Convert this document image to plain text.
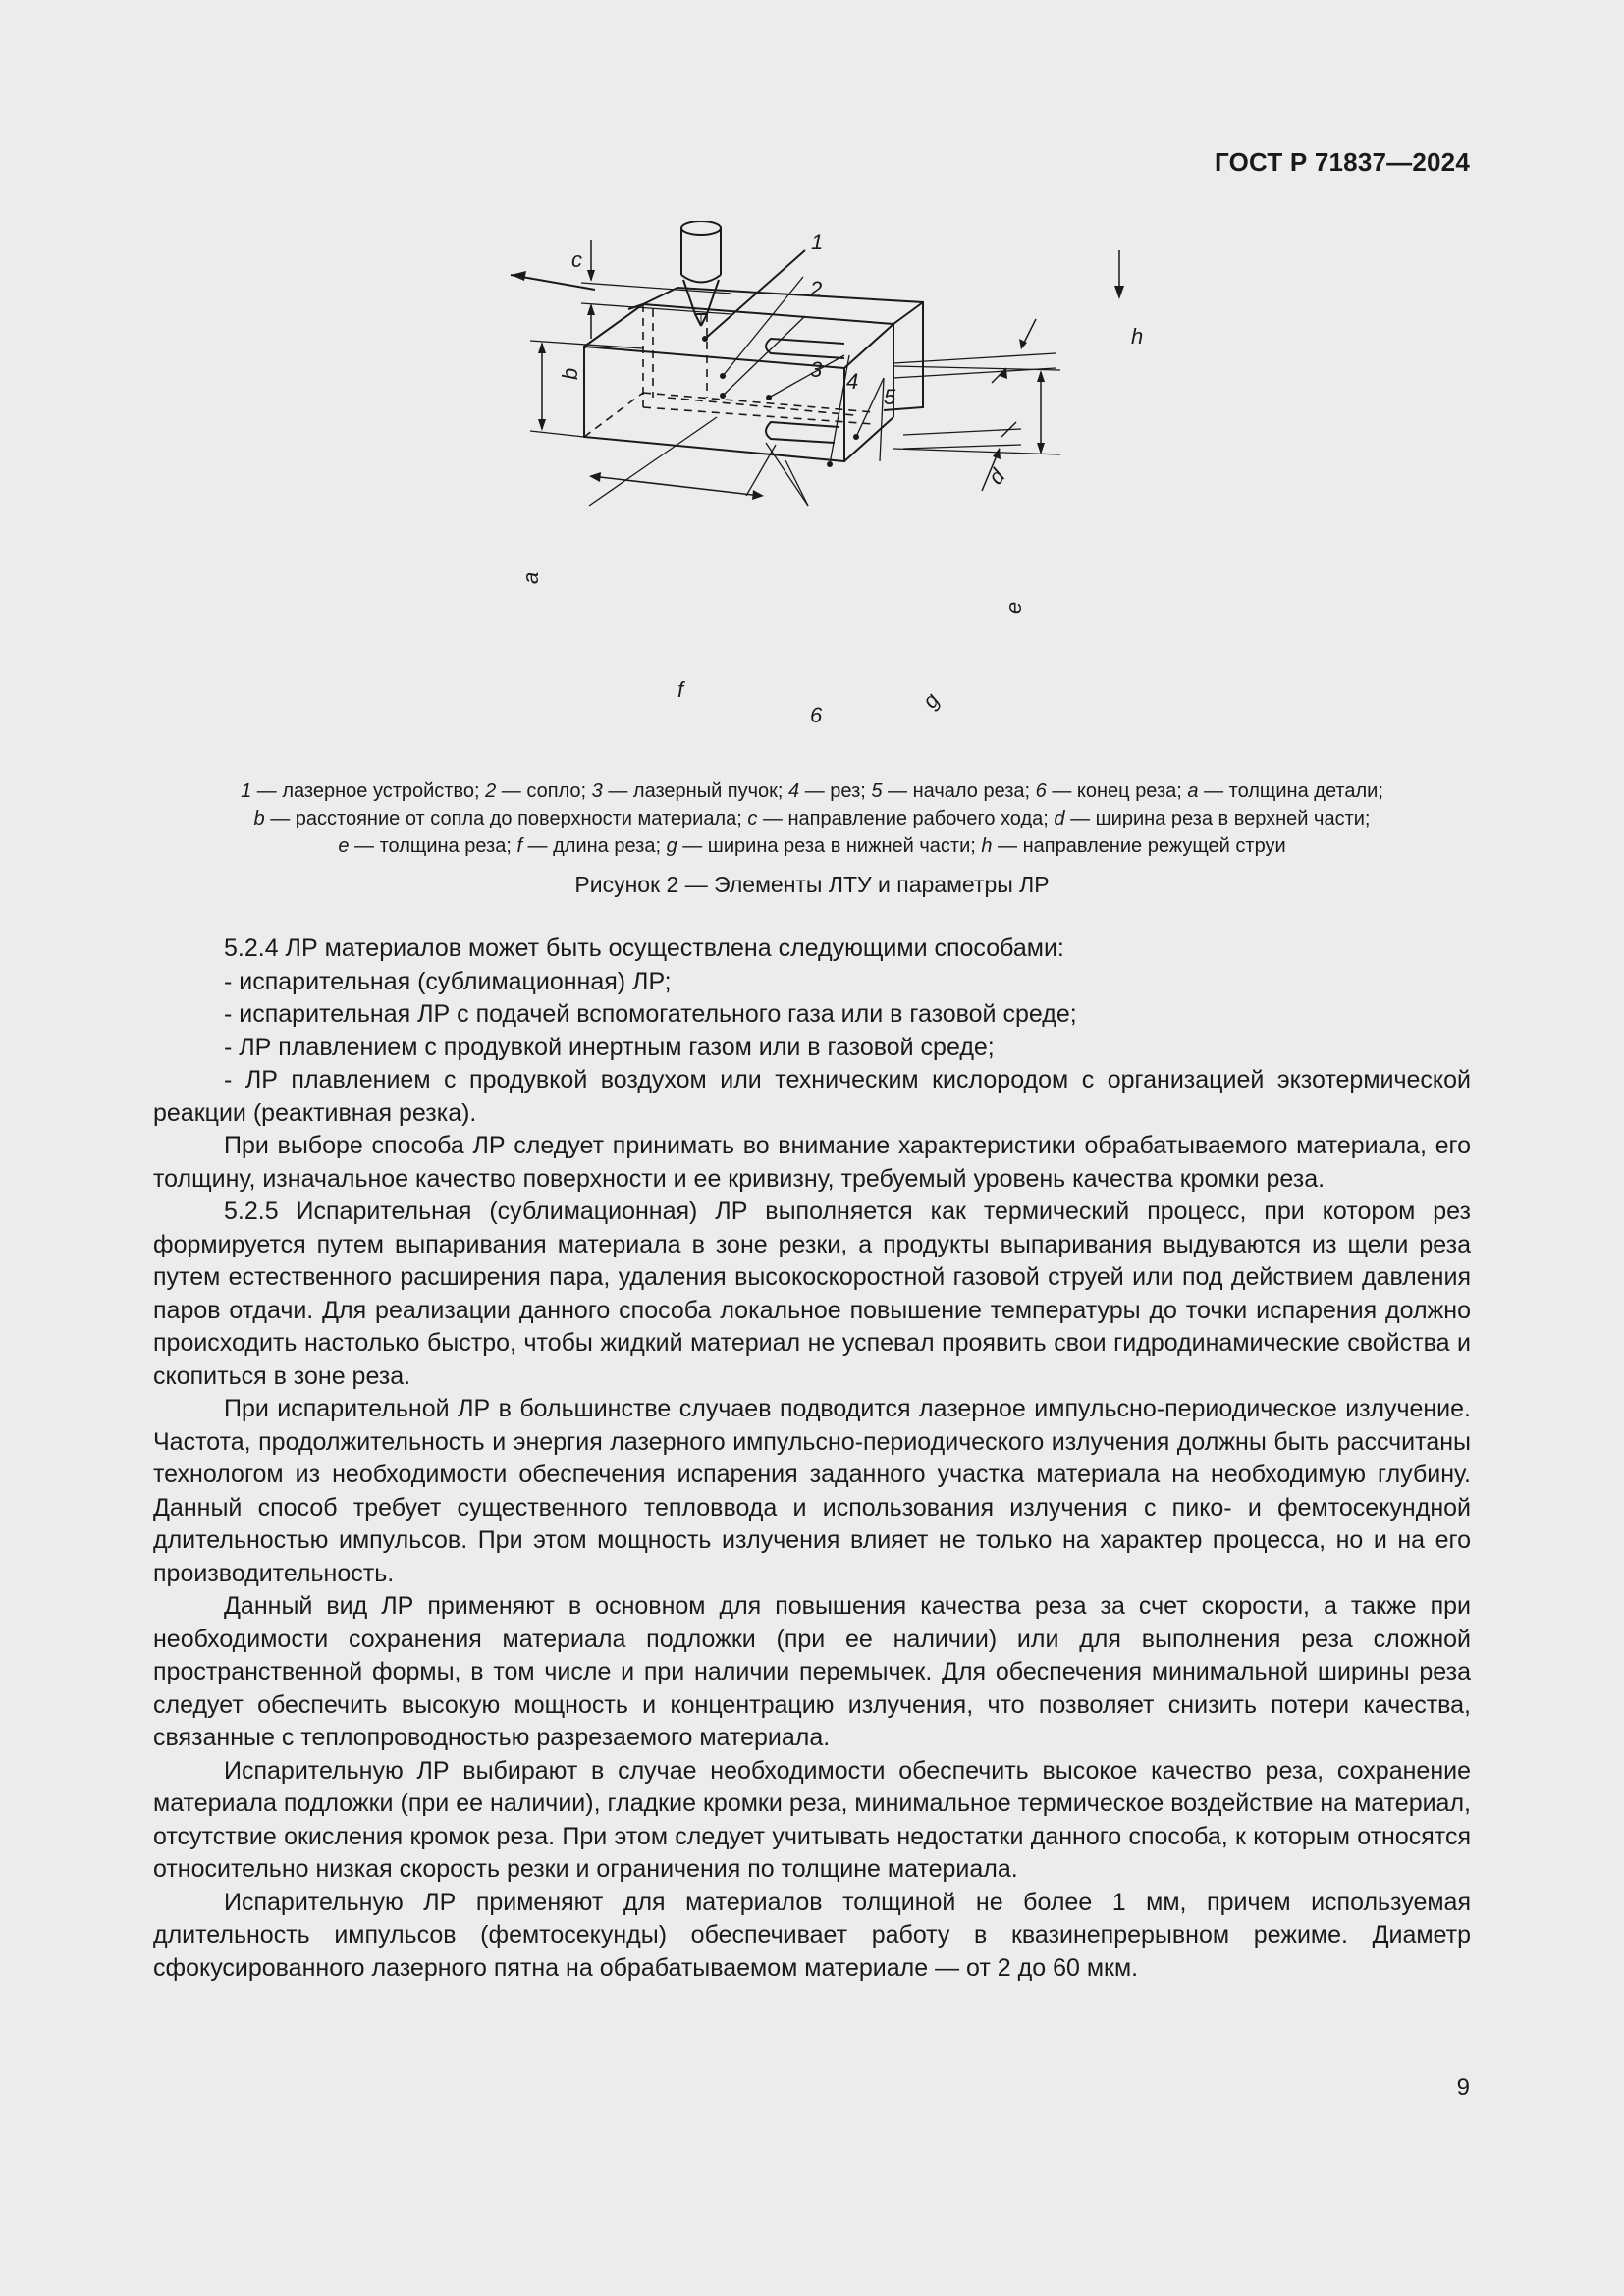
ГОСТ Р 71837—2024
c
b
a
h
d
e
f	g
1
2
3 4
5
6
1 — лазерное устройство; 2 — сопло; 3 — лазерный пучок; 4 — рез; 5 — начало реза; 6 — конец реза; a — толщина детали;
b — расстояние от сопла до поверхности материала; c — направление рабочего хода; d — ширина реза в верхней части;
e — толщина реза; f — длина реза; g — ширина реза в нижней части; h — направление режущей струи
Рисунок 2 — Элементы ЛТУ и параметры ЛР

5.2.4 ЛР материалов может быть осуществлена следующими способами:

- испарительная (сублимационная) ЛР;

- испарительная ЛР с подачей вспомогательного газа или в газовой среде;

- ЛР плавлением с продувкой инертным газом или в газовой среде;

- ЛР плавлением с продувкой воздухом или техническим кислородом с организацией экзотермической реакции (реактивная резка).

При выборе способа ЛР следует принимать во внимание характеристики обрабатываемого материала, его толщину, изначальное качество поверхности и ее кривизну, требуемый уровень качества кромки реза.

5.2.5 Испарительная (сублимационная) ЛР выполняется как термический процесс, при котором рез формируется путем выпаривания материала в зоне резки, а продукты выпаривания выдуваются из щели реза путем естественного расширения пара, удаления высокоскоростной газовой струей или под действием давления паров отдачи. Для реализации данного способа локальное повышение температуры до точки испарения должно происходить настолько быстро, чтобы жидкий материал не успевал проявить свои гидродинамические свойства и скопиться в зоне реза.

При испарительной ЛР в большинстве случаев подводится лазерное импульсно-периодическое излучение. Частота, продолжительность и энергия лазерного импульсно-периодического излучения должны быть рассчитаны технологом из необходимости обеспечения испарения заданного участка материала на необходимую глубину. Данный способ требует существенного тепловвода и использования излучения с пико- и фемтосекундной длительностью импульсов. При этом мощность излучения влияет не только на характер процесса, но и на его производительность.

Данный вид ЛР применяют в основном для повышения качества реза за счет скорости, а также при необходимости сохранения материала подложки (при ее наличии) или для выполнения реза сложной пространственной формы, в том числе и при наличии перемычек. Для обеспечения минимальной ширины реза следует обеспечить высокую мощность и концентрацию излучения, что позволяет снизить потери качества, связанные с теплопроводностью разрезаемого материала.

Испарительную ЛР выбирают в случае необходимости обеспечить высокое качество реза, сохранение материала подложки (при ее наличии), гладкие кромки реза, минимальное термическое воздействие на материал, отсутствие окисления кромок реза. При этом следует учитывать недостатки данного способа, к которым относятся относительно низкая скорость резки и ограничения по толщине материала.

Испарительную ЛР применяют для материалов толщиной не более 1 мм, причем используемая длительность импульсов (фемтосекунды) обеспечивает работу в квазинепрерывном режиме. Диаметр сфокусированного лазерного пятна на обрабатываемом материале — от 2 до 60 мкм.

9
